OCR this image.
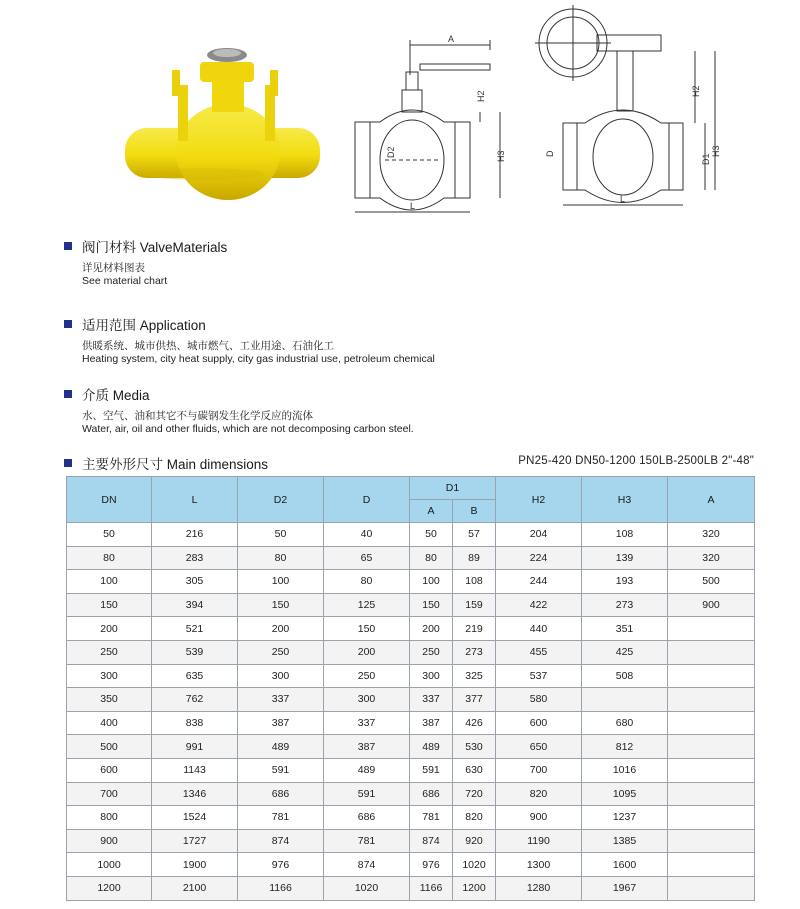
A
H2
H3
D2
L
H2
H3
D1
D
L
阀门材料 ValveMaterials
详见材料图表
See material chart
适用范围 Application
供暖系统、城市供热、城市燃气、工业用途、石油化工
Heating system, city heat supply, city gas industrial use, petroleum chemical
介质 Media
水、空气、油和其它不与碳钢发生化学反应的流体
Water, air, oil and other fluids, which are not decomposing carbon steel.
主要外形尺寸 Main dimensions	PN25-420 DN50-1200 150LB-2500LB 2"-48"
DN	L	D2	D	D1		H2	H3	A
				A	B			
50	216	50	40	50	57	204	108	320
80	283	80	65	80	89	224	139	320
100	305	100	80	100	108	244	193	500
150	394	150	125	150	159	422	273	900
200	521	200	150	200	219	440	351	
250	539	250	200	250	273	455	425	
300	635	300	250	300	325	537	508	
350	762	337	300	337	377	580		
400	838	387	337	387	426	600	680	
500	991	489	387	489	530	650	812	
600	1143	591	489	591	630	700	1016	
700	1346	686	591	686	720	820	1095	
800	1524	781	686	781	820	900	1237	
900	1727	874	781	874	920	1190	1385	
1000	1900	976	874	976	1020	1300	1600	
1200	2100	1166	1020	1166	1200	1280	1967	
